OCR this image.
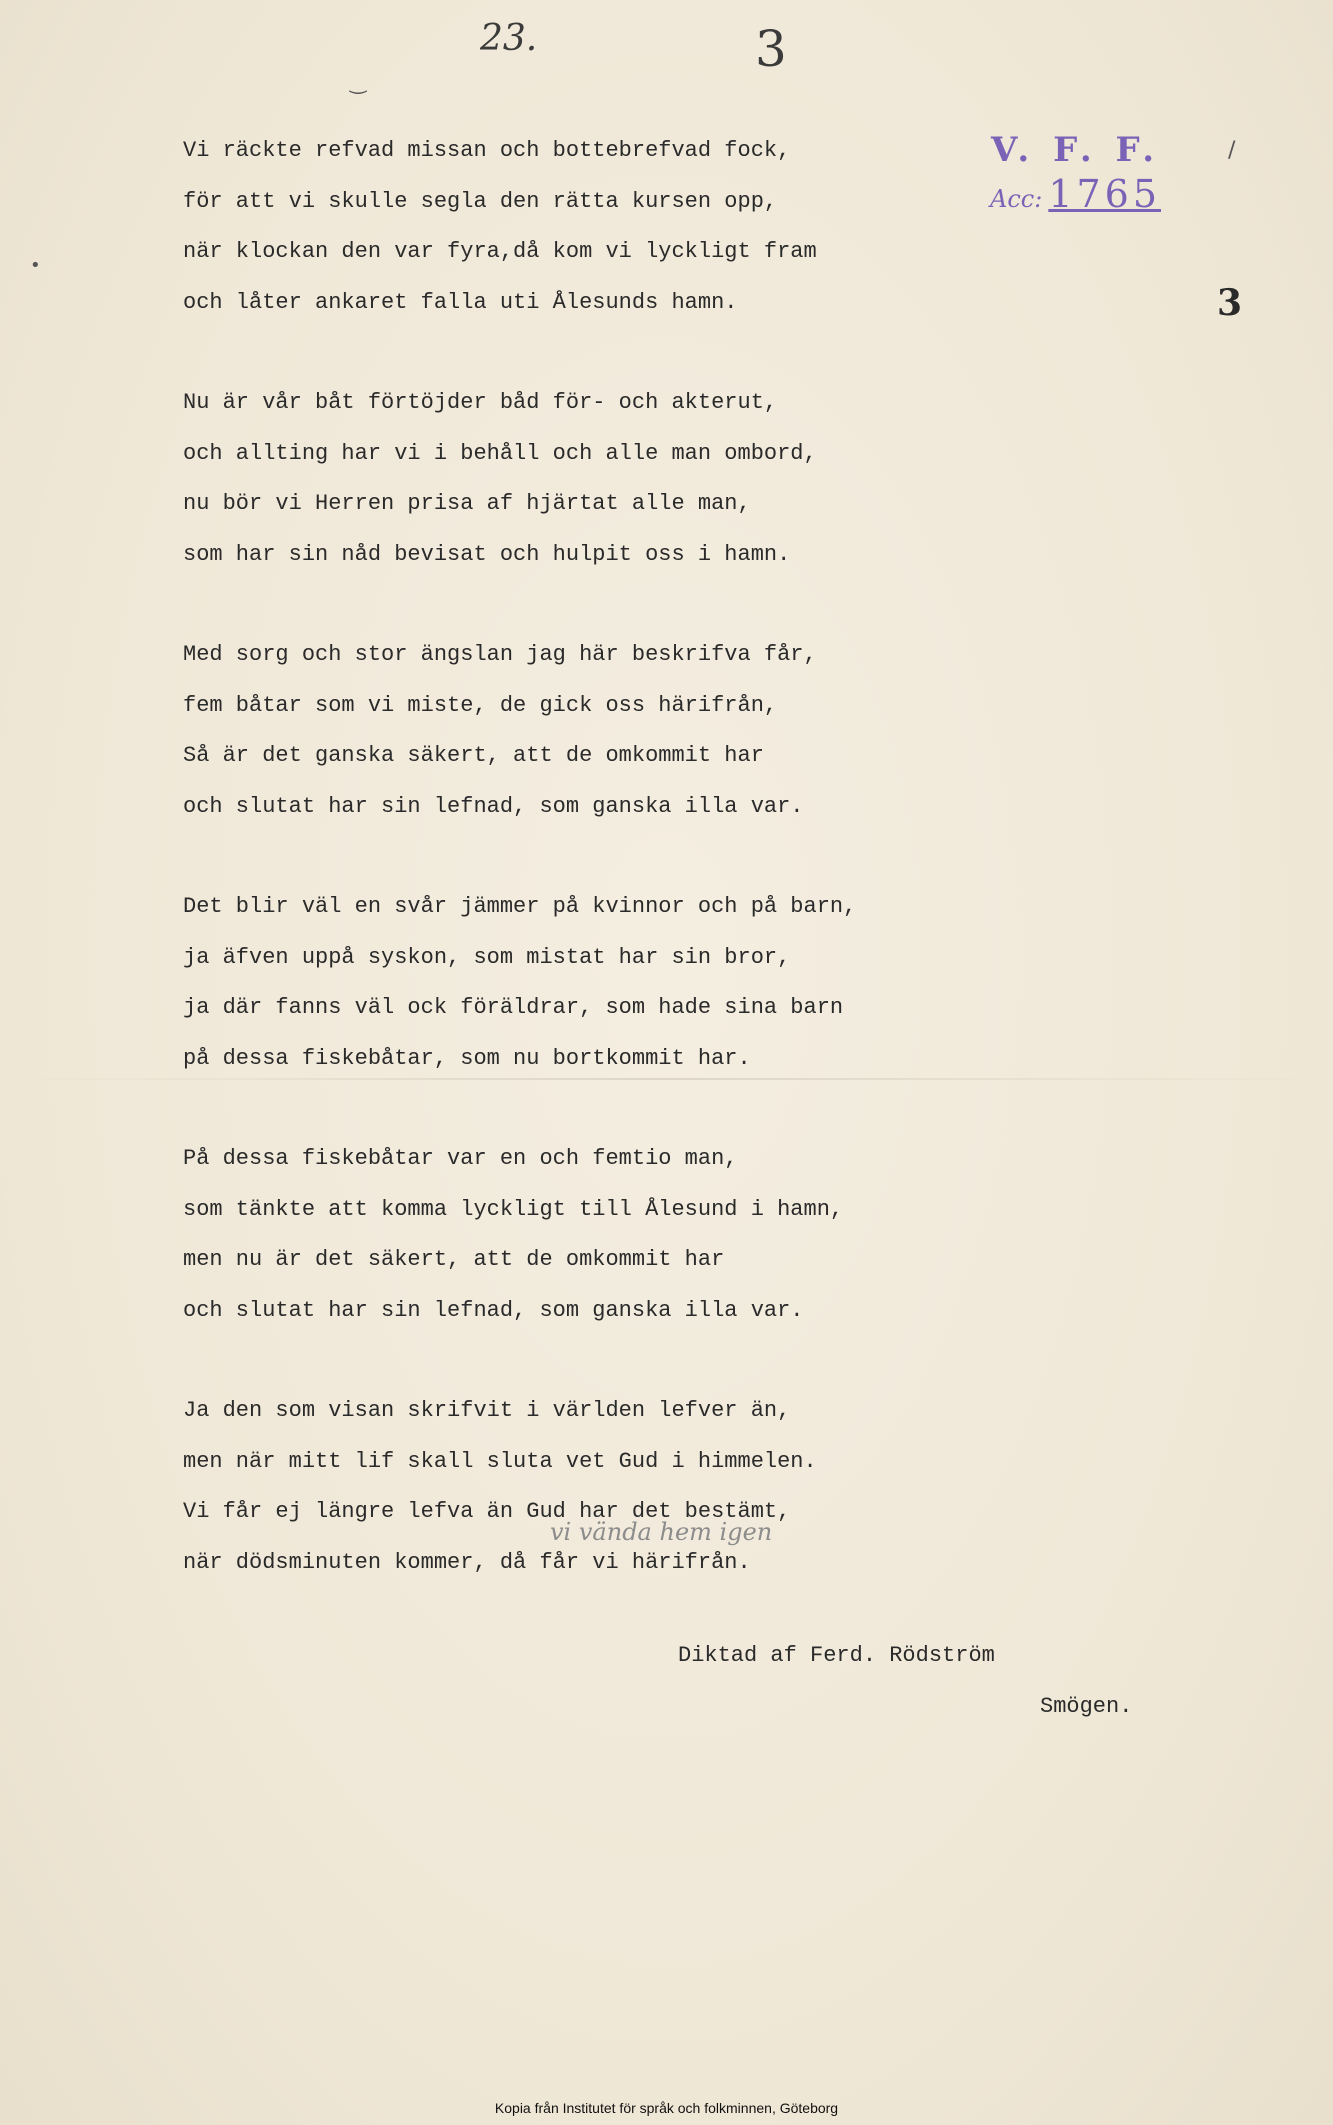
23.	3
3
V. F. F.
Acc: 1765
Vi räckte refvad missan och bottebrefvad fock,
för att vi skulle segla den rätta kursen opp,
när klockan den var fyra,då kom vi lyckligt fram
och låter ankaret falla uti Ålesunds hamn.
Nu är vår båt förtöjder båd för- och akterut,
och allting har vi i behåll och alle man ombord,
nu bör vi Herren prisa af hjärtat alle man,
som har sin nåd bevisat och hulpit oss i hamn.
Med sorg och stor ängslan jag här beskrifva får,
fem båtar som vi miste, de gick oss härifrån,
Så är det ganska säkert, att de omkommit har
och slutat har sin lefnad, som ganska illa var.
Det blir väl en svår jämmer på kvinnor och på barn,
ja äfven uppå syskon, som mistat har sin bror,
ja där fanns väl ock föräldrar, som hade sina barn
på dessa fiskebåtar, som nu bortkommit har.
På dessa fiskebåtar var en och femtio man,
som tänkte att komma lyckligt till Ålesund i hamn,
men nu är det säkert, att de omkommit har
och slutat har sin lefnad, som ganska illa var.
Ja den som visan skrifvit i världen lefver än,
men när mitt lif skall sluta vet Gud i himmelen.
Vi får ej längre lefva än Gud har det bestämt,
när dödsminuten kommer, då får vi härifrån.
vi vända hem igen
Diktad af Ferd. Rödström
Smögen.
‿
/
•
Kopia från Institutet för språk och folkminnen, Göteborg
